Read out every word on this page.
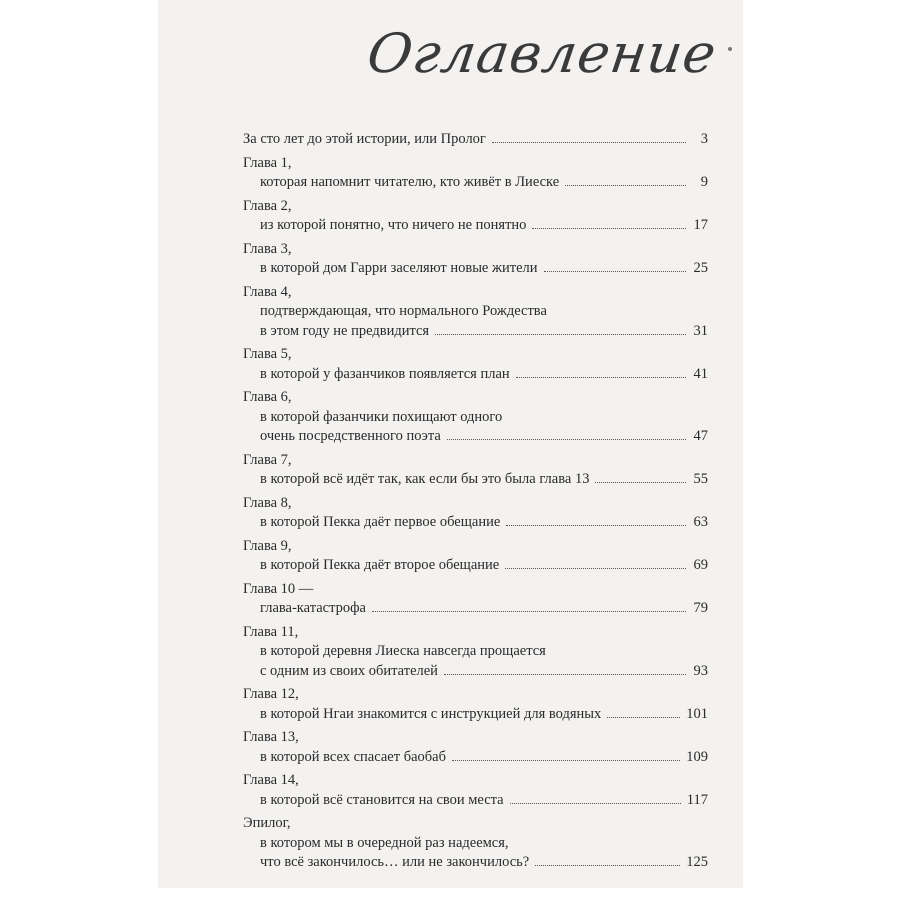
Оглавление
За сто лет до этой истории, или Пролог	3
Глава 1,
которая напомнит читателю, кто живёт в Лиеске	9
Глава 2,
из которой понятно, что ничего не понятно	17
Глава 3,
в которой дом Гарри заселяют новые жители	25
Глава 4,
подтверждающая, что нормального Рождества
в этом году не предвидится	31
Глава 5,
в которой у фазанчиков появляется план	41
Глава 6,
в которой фазанчики похищают одного
очень посредственного поэта	47
Глава 7,
в которой всё идёт так, как если бы это была глава 13	55
Глава 8,
в которой Пекка даёт первое обещание	63
Глава 9,
в которой Пекка даёт второе обещание	69
Глава 10 —
глава-катастрофа	79
Глава 11,
в которой деревня Лиеска навсегда прощается
с одним из своих обитателей	93
Глава 12,
в которой Нгаи знакомится с инструкцией для водяных	101
Глава 13,
в которой всех спасает баобаб	109
Глава 14,
в которой всё становится на свои места	117
Эпилог,
в котором мы в очередной раз надеемся,
что всё закончилось… или не закончилось?	125
